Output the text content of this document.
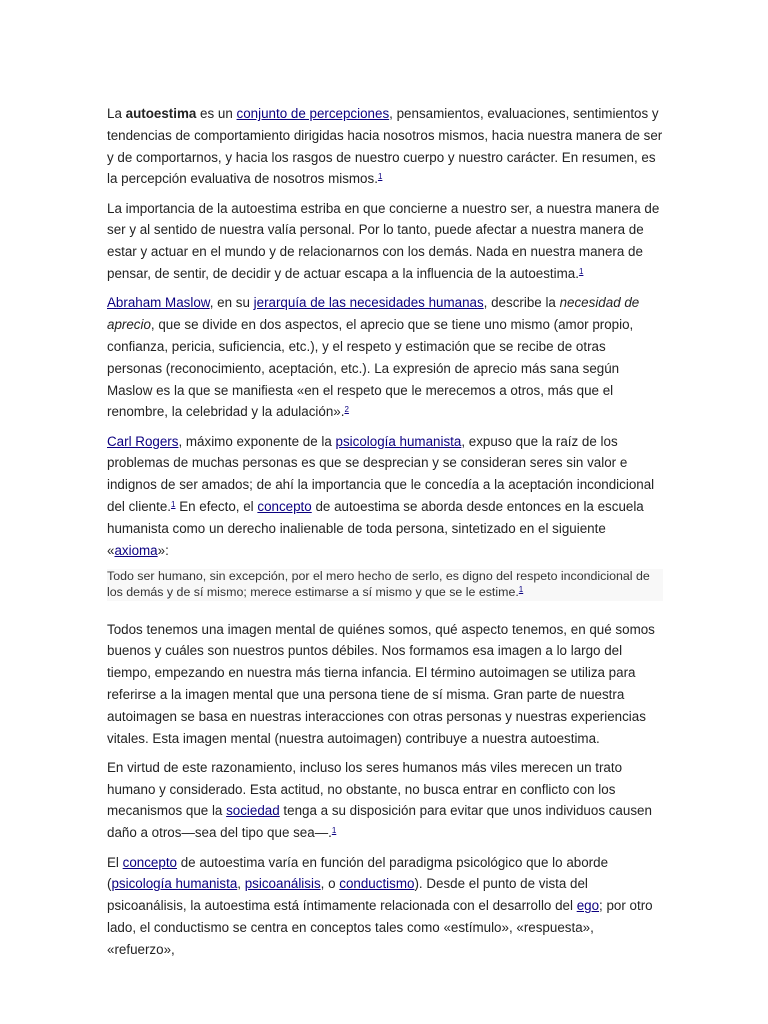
La autoestima es un conjunto de percepciones, pensamientos, evaluaciones, sentimientos y tendencias de comportamiento dirigidas hacia nosotros mismos, hacia nuestra manera de ser y de comportarnos, y hacia los rasgos de nuestro cuerpo y nuestro carácter. En resumen, es la percepción evaluativa de nosotros mismos.$^1$

La importancia de la autoestima estriba en que concierne a nuestro ser, a nuestra manera de ser y al sentido de nuestra valía personal. Por lo tanto, puede afectar a nuestra manera de estar y actuar en el mundo y de relacionarnos con los demás. Nada en nuestra manera de pensar, de sentir, de decidir y de actuar escapa a la influencia de la autoestima.$^1$

Abraham Maslow, en su jerarquía de las necesidades humanas, describe la necesidad de aprecio, que se divide en dos aspectos, el aprecio que se tiene uno mismo (amor propio, confianza, pericia, suficiencia, etc.), y el respeto y estimación que se recibe de otras personas (reconocimiento, aceptación, etc.). La expresión de aprecio más sana según Maslow es la que se manifiesta «en el respeto que le merecemos a otros, más que el renombre, la celebridad y la adulación».$^2$

Carl Rogers, máximo exponente de la psicología humanista, expuso que la raíz de los problemas de muchas personas es que se desprecian y se consideran seres sin valor e indignos de ser amados; de ahí la importancia que le concedía a la aceptación incondicional del cliente.$^1$ En efecto, el concepto de autoestima se aborda desde entonces en la escuela humanista como un derecho inalienable de toda persona, sintetizado en el siguiente «axioma»:

Todo ser humano, sin excepción, por el mero hecho de serlo, es digno del respeto incondicional de los demás y de sí mismo; merece estimarse a sí mismo y que se le estime.$^1$

Todos tenemos una imagen mental de quiénes somos, qué aspecto tenemos, en qué somos buenos y cuáles son nuestros puntos débiles. Nos formamos esa imagen a lo largo del tiempo, empezando en nuestra más tierna infancia. El término autoimagen se utiliza para referirse a la imagen mental que una persona tiene de sí misma. Gran parte de nuestra autoimagen se basa en nuestras interacciones con otras personas y nuestras experiencias vitales. Esta imagen mental (nuestra autoimagen) contribuye a nuestra autoestima.

En virtud de este razonamiento, incluso los seres humanos más viles merecen un trato humano y considerado. Esta actitud, no obstante, no busca entrar en conflicto con los mecanismos que la sociedad tenga a su disposición para evitar que unos individuos causen daño a otros—sea del tipo que sea—.$^1$

El concepto de autoestima varía en función del paradigma psicológico que lo aborde (psicología humanista, psicoanálisis, o conductismo). Desde el punto de vista del psicoanálisis, la autoestima está íntimamente relacionada con el desarrollo del ego; por otro lado, el conductismo se centra en conceptos tales como «estímulo», «respuesta», «refuerzo»,
